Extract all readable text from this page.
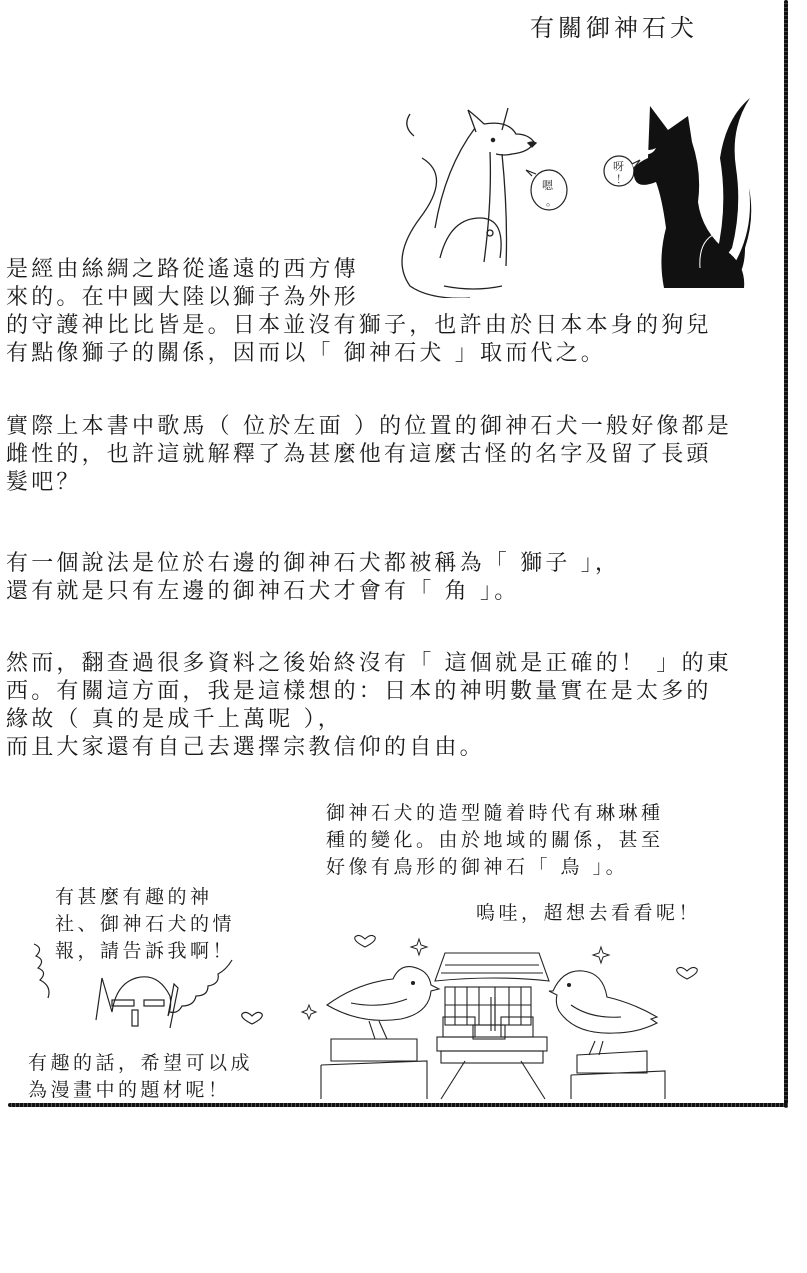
有關御神石犬
嗯
。
呀
！
是經由絲綢之路從遙遠的西方傳
來的。在中國大陸以獅子為外形
的守護神比比皆是。日本並沒有獅子，也許由於日本本身的狗兒
有點像獅子的關係，因而以「 御神石犬 」取而代之。
實際上本書中歌馬（ 位於左面 ）的位置的御神石犬一般好像都是
雌性的，也許這就解釋了為甚麼他有這麼古怪的名字及留了長頭
髮吧？
有一個說法是位於右邊的御神石犬都被稱為「 獅子 」，
還有就是只有左邊的御神石犬才會有「 角 」。
然而，翻查過很多資料之後始終沒有「 這個就是正確的！ 」的東
西。有關這方面，我是這樣想的：日本的神明數量實在是太多的
緣故（ 真的是成千上萬呢 ），
而且大家還有自己去選擇宗教信仰的自由。
御神石犬的造型隨着時代有琳琳種
種的變化。由於地域的關係，甚至
好像有鳥形的御神石「 鳥 」。
嗚哇，超想去看看呢！
有甚麼有趣的神
社、御神石犬的情
報，請告訴我啊！
有趣的話，希望可以成
為漫畫中的題材呢！
